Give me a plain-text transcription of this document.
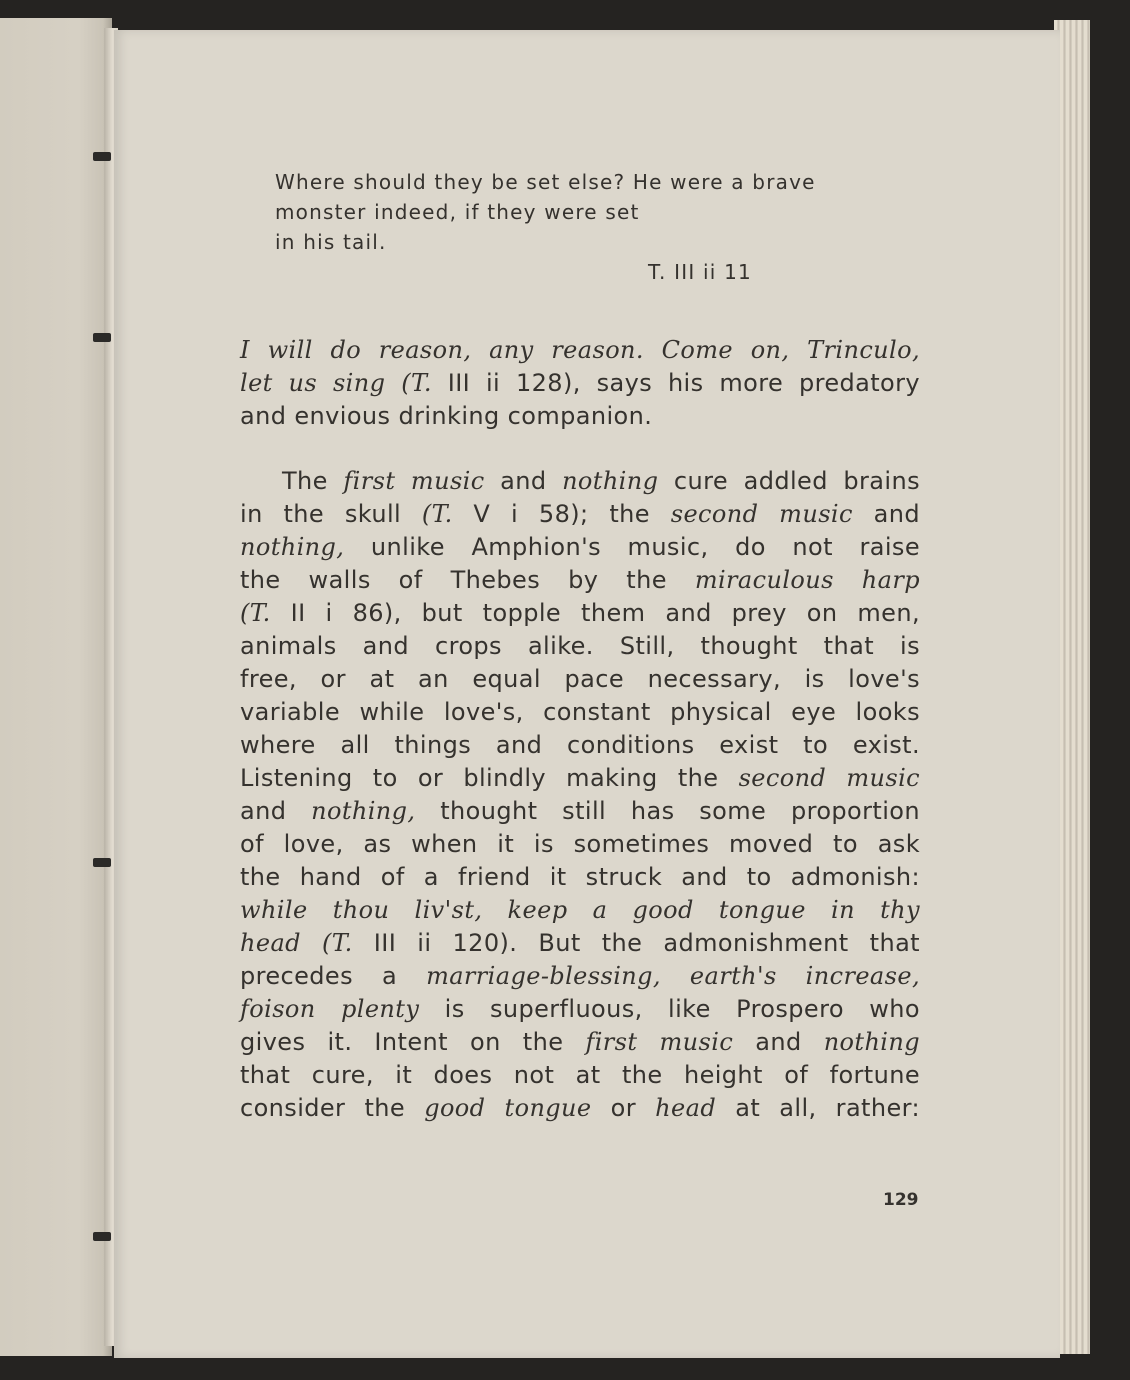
Where should they be set else? He were a brave

monster indeed, if they were set

in his tail.

T. III ii 11

I will do reason, any reason. Come on, Trinculo,

let us sing (T. III ii 128), says his more predatory

and envious drinking companion.

The first music and nothing cure addled brains

in the skull (T. V i 58); the second music and

nothing, unlike Amphion's music, do not raise

the walls of Thebes by the miraculous harp

(T. II i 86), but topple them and prey on men,

animals and crops alike. Still, thought that is

free, or at an equal pace necessary, is love's

variable while love's, constant physical eye looks

where all things and conditions exist to exist.

Listening to or blindly making the second music

and nothing, thought still has some proportion

of love, as when it is sometimes moved to ask

the hand of a friend it struck and to admonish:

while thou liv'st, keep a good tongue in thy

head (T. III ii 120). But the admonishment that

precedes a marriage-blessing, earth's increase,

foison plenty is superfluous, like Prospero who

gives it. Intent on the first music and nothing

that cure, it does not at the height of fortune

consider the good tongue or head at all, rather:

129
